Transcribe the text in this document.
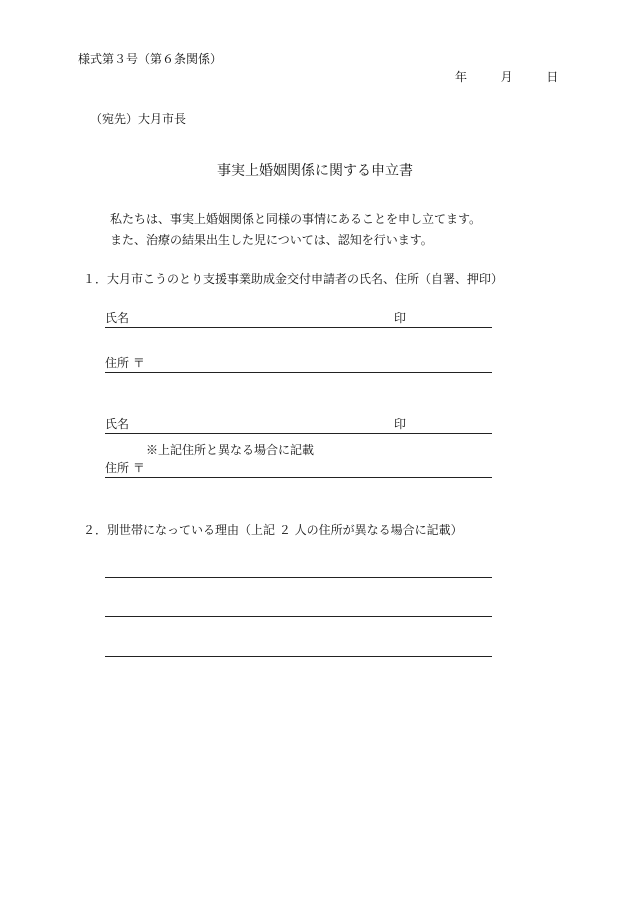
様式第３号（第６条関係）
年	月	日
（宛先）大月市長
事実上婚姻関係に関する申立書
私たちは、事実上婚姻関係と同様の事情にあることを申し立てます。
また、治療の結果出生した児については、認知を行います。
１．大月市こうのとり支援事業助成金交付申請者の氏名、住所（自署、押印）
氏名	印
住所 〒
氏名	印
※上記住所と異なる場合に記載
住所 〒
２．別世帯になっている理由（上記 ２ 人の住所が異なる場合に記載）
